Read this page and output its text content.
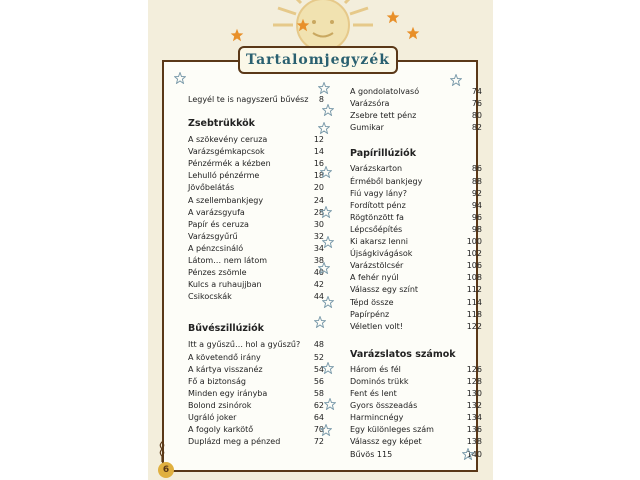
Legyél te is nagyszerű bűvész 8
Zsebtrükkök
A szökevény ceruza	12
Varázsgémkapcsok	14
Pénzérmék a kézben	16
Lehulló pénzérme	18
Jövőbelátás	20
A szellembankjegy	24
A varázsgyufa	28
Papír és ceruza	30
Varázsgyűrű	32
A pénzcsináló	34
Látom… nem látom	38
Pénzes zsömle	40
Kulcs a ruhaujjban	42
Csikocskák	44
Bűvészillúziók
Itt a gyűszű… hol a gyűszű? 48
A követendő irány	52
A kártya visszanéz	54
Fő a biztonság	56
Minden egy irányba	58
Bolond zsinórok	62
Ugráló joker	64
A fogoly karkötő	70
Duplázd meg a pénzed	72
A gondolatolvasó	74
Varázsóra	76
Zsebre tett pénz	80
Gumikar	82
Papírillúziók
Varázskarton	86
Érméből bankjegy	88
Fiú vagy lány?	92
Fordított pénz	94
Rögtönzött fa	96
Lépcsőépítés	98
Ki akarsz lenni	100
Újságkivágások	102
Varázstölcsér	106
A fehér nyúl	108
Válassz egy színt	112
Tépd össze	114
Papírpénz	118
Véletlen volt!	122
Varázslatos számok
Három és fél	126
Dominós trükk	128
Fent és lent	130
Gyors összeadás	132
Harmincnégy	134
Egy különleges szám	136
Válassz egy képet	138
Bűvös 115	140
Tartalomjegyzék
6
